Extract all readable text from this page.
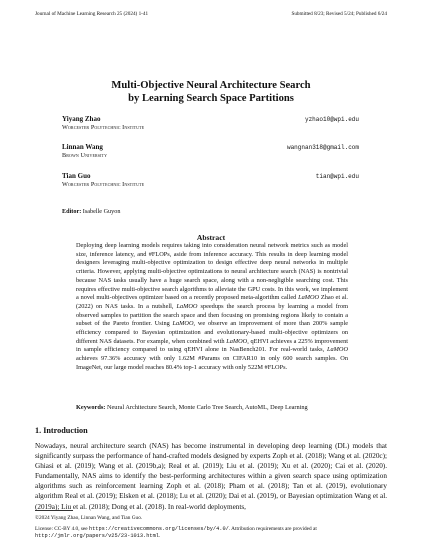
Journal of Machine Learning Research 25 (2024) 1-41	Submitted 8/23; Revised 5/24; Published 6/24
Multi-Objective Neural Architecture Search
by Learning Search Space Partitions
Yiyang Zhao	yzhao10@wpi.edu
Worcester Polytechnic Institute
Linnan Wang	wangnan318@gmail.com
Brown University
Tian Guo	tian@wpi.edu
Worcester Polytechnic Institute
Editor: Isabelle Guyon
Abstract
Deploying deep learning models requires taking into consideration neural network metrics such as model size, inference latency, and #FLOPs, aside from inference accuracy. This results in deep learning model designers leveraging multi-objective optimization to design effective deep neural networks in multiple criteria. However, applying multi-objective optimizations to neural architecture search (NAS) is nontrivial because NAS tasks usually have a huge search space, along with a non-negligible searching cost. This requires effective multi-objective search algorithms to alleviate the GPU costs. In this work, we implement a novel multi-objectives optimizer based on a recently proposed meta-algorithm called LaMOO Zhao et al. (2022) on NAS tasks. In a nutshell, LaMOO speedups the search process by learning a model from observed samples to partition the search space and then focusing on promising regions likely to contain a subset of the Pareto frontier. Using LaMOO, we observe an improvement of more than 200% sample efficiency compared to Bayesian optimization and evolutionary-based multi-objective optimizers on different NAS datasets. For example, when combined with LaMOO, qEHVI achieves a 225% improvement in sample efficiency compared to using qEHVI alone in NasBench201. For real-world tasks, LaMOO achieves 97.36% accuracy with only 1.62M #Params on CIFAR10 in only 600 search samples. On ImageNet, our large model reaches 80.4% top-1 accuracy with only 522M #FLOPs.
Keywords: Neural Architecture Search, Monte Carlo Tree Search, AutoML, Deep Learning
1. Introduction
Nowadays, neural architecture search (NAS) has become instrumental in developing deep learning (DL) models that significantly surpass the performance of hand-crafted models designed by experts Zoph et al. (2018); Wang et al. (2020c); Ghiasi et al. (2019); Wang et al. (2019b,a); Real et al. (2019); Liu et al. (2019); Xu et al. (2020); Cai et al. (2020). Fundamentally, NAS aims to identify the best-performing architectures within a given search space using optimization algorithms such as reinforcement learning Zoph et al. (2018); Pham et al. (2018); Tan et al. (2019), evolutionary algorithm Real et al. (2019); Elsken et al. (2018); Lu et al. (2020); Dai et al. (2019), or Bayesian optimization Wang et al. (2019a); Liu et al. (2018); Dong et al. (2018). In real-world deployments,
©2024 Yiyang Zhao, Linnan Wang, and Tian Guo.
License: CC-BY 4.0, see https://creativecommons.org/licenses/by/4.0/. Attribution requirements are provided at http://jmlr.org/papers/v25/23-1013.html.
